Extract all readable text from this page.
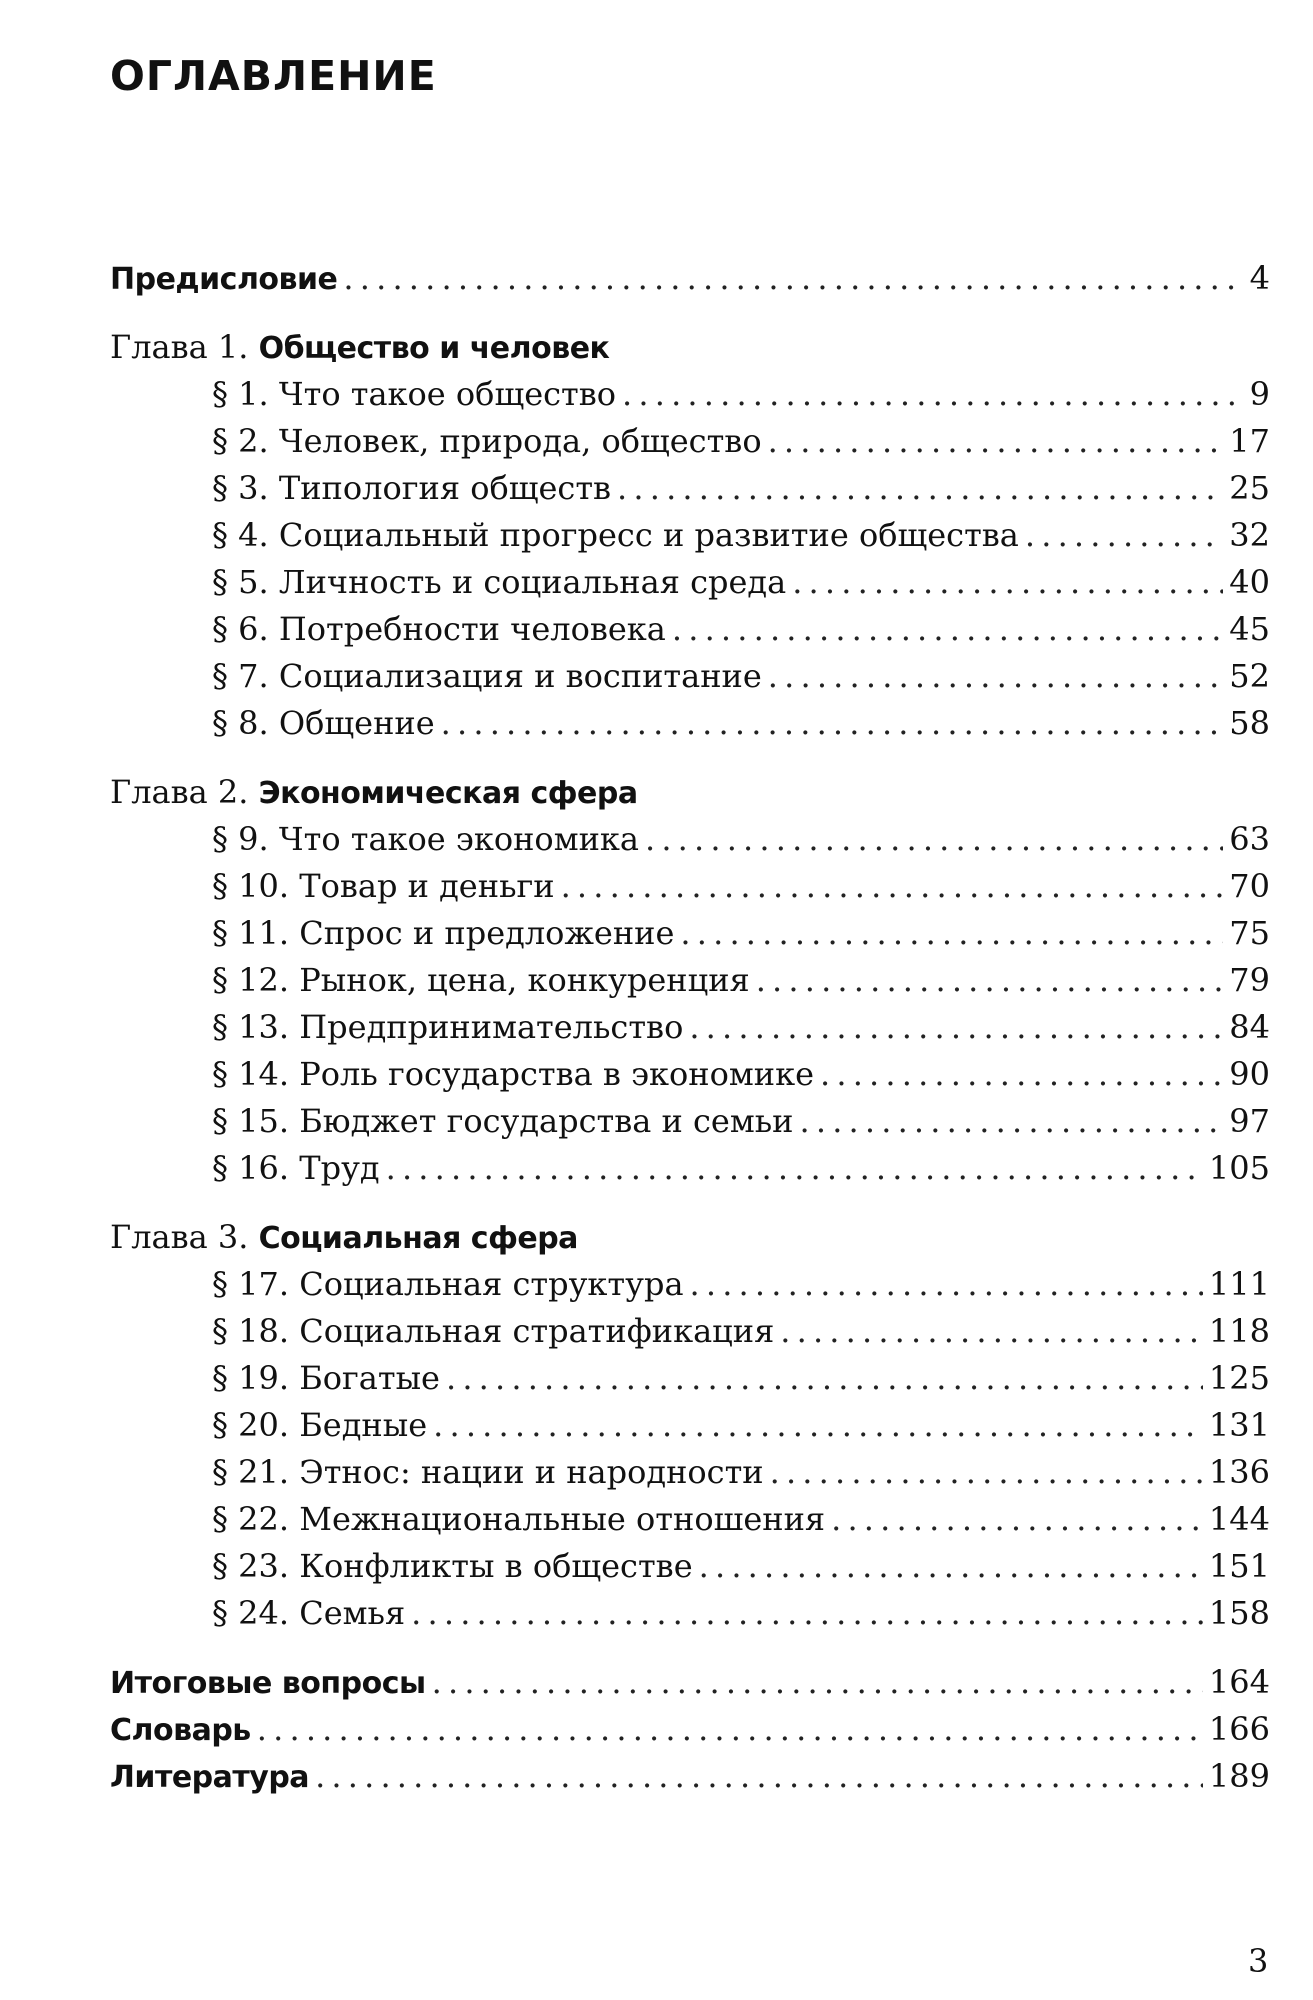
ОГЛАВЛЕНИЕ
Предисловие . . .	4
Глава 1. Общество и человек
§ 1. Что такое общество . . .	9
§ 2. Человек, природа, общество . . .	17
§ 3. Типология обществ . . .	25
§ 4. Социальный прогресс и развитие общества . . .	32
§ 5. Личность и социальная среда . . .	40
§ 6. Потребности человека . . .	45
§ 7. Социализация и воспитание . . .	52
§ 8. Общение . . .	58
Глава 2. Экономическая сфера
§ 9. Что такое экономика . . .	63
§ 10. Товар и деньги . . .	70
§ 11. Спрос и предложение . . .	75
§ 12. Рынок, цена, конкуренция . . .	79
§ 13. Предпринимательство . . .	84
§ 14. Роль государства в экономике . . .	90
§ 15. Бюджет государства и семьи . . .	97
§ 16. Труд . . .	105
Глава 3. Социальная сфера
§ 17. Социальная структура . . .	111
§ 18. Социальная стратификация . . .	118
§ 19. Богатые . . .	125
§ 20. Бедные . . .	131
§ 21. Этнос: нации и народности . . .	136
§ 22. Межнациональные отношения . . .	144
§ 23. Конфликты в обществе . . .	151
§ 24. Семья . . .	158
Итоговые вопросы . . .	164
Словарь . . .	166
Литература . . .	189
3
